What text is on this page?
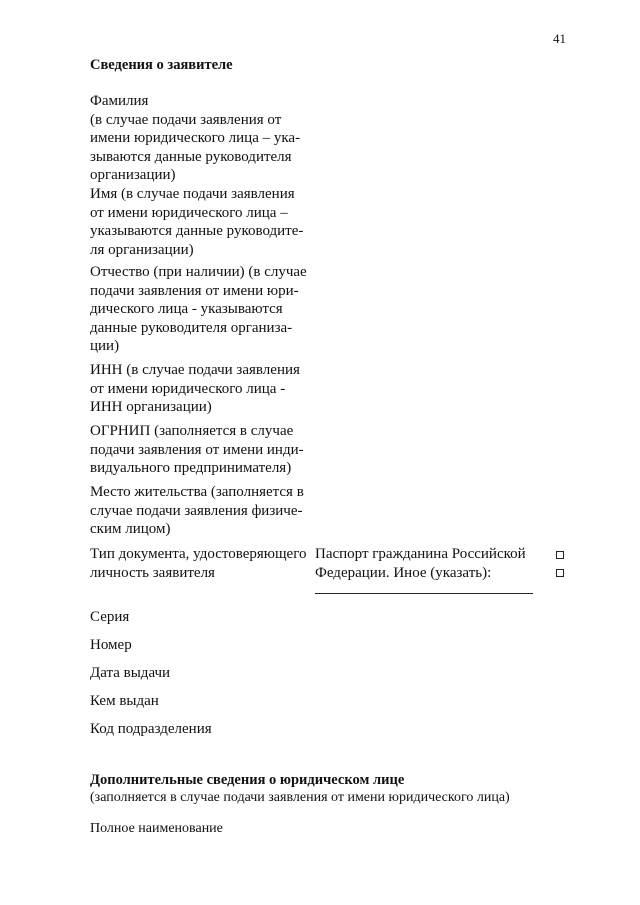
41
Сведения о заявителе
Фамилия
(в случае подачи заявления от
имени юридического лица – ука-
зываются данные руководителя
организации)
Имя (в случае подачи заявления
от имени юридического лица –
указываются данные руководите-
ля организации)
Отчество (при наличии) (в случае
подачи заявления от имени юри-
дического лица - указываются
данные руководителя организа-
ции)
ИНН (в случае подачи заявления
от имени юридического лица -
ИНН организации)
ОГРНИП (заполняется в случае
подачи заявления от имени инди-
видуального предпринимателя)
Место жительства (заполняется в
случае подачи заявления физиче-
ским лицом)
Тип документа, удостоверяющего
личность заявителя
Паспорт гражданина Российской
Федерации. Иное (указать):
Серия
Номер
Дата выдачи
Кем выдан
Код подразделения
Дополнительные сведения о юридическом лице
(заполняется в случае подачи заявления от имени юридического лица)
Полное наименование
